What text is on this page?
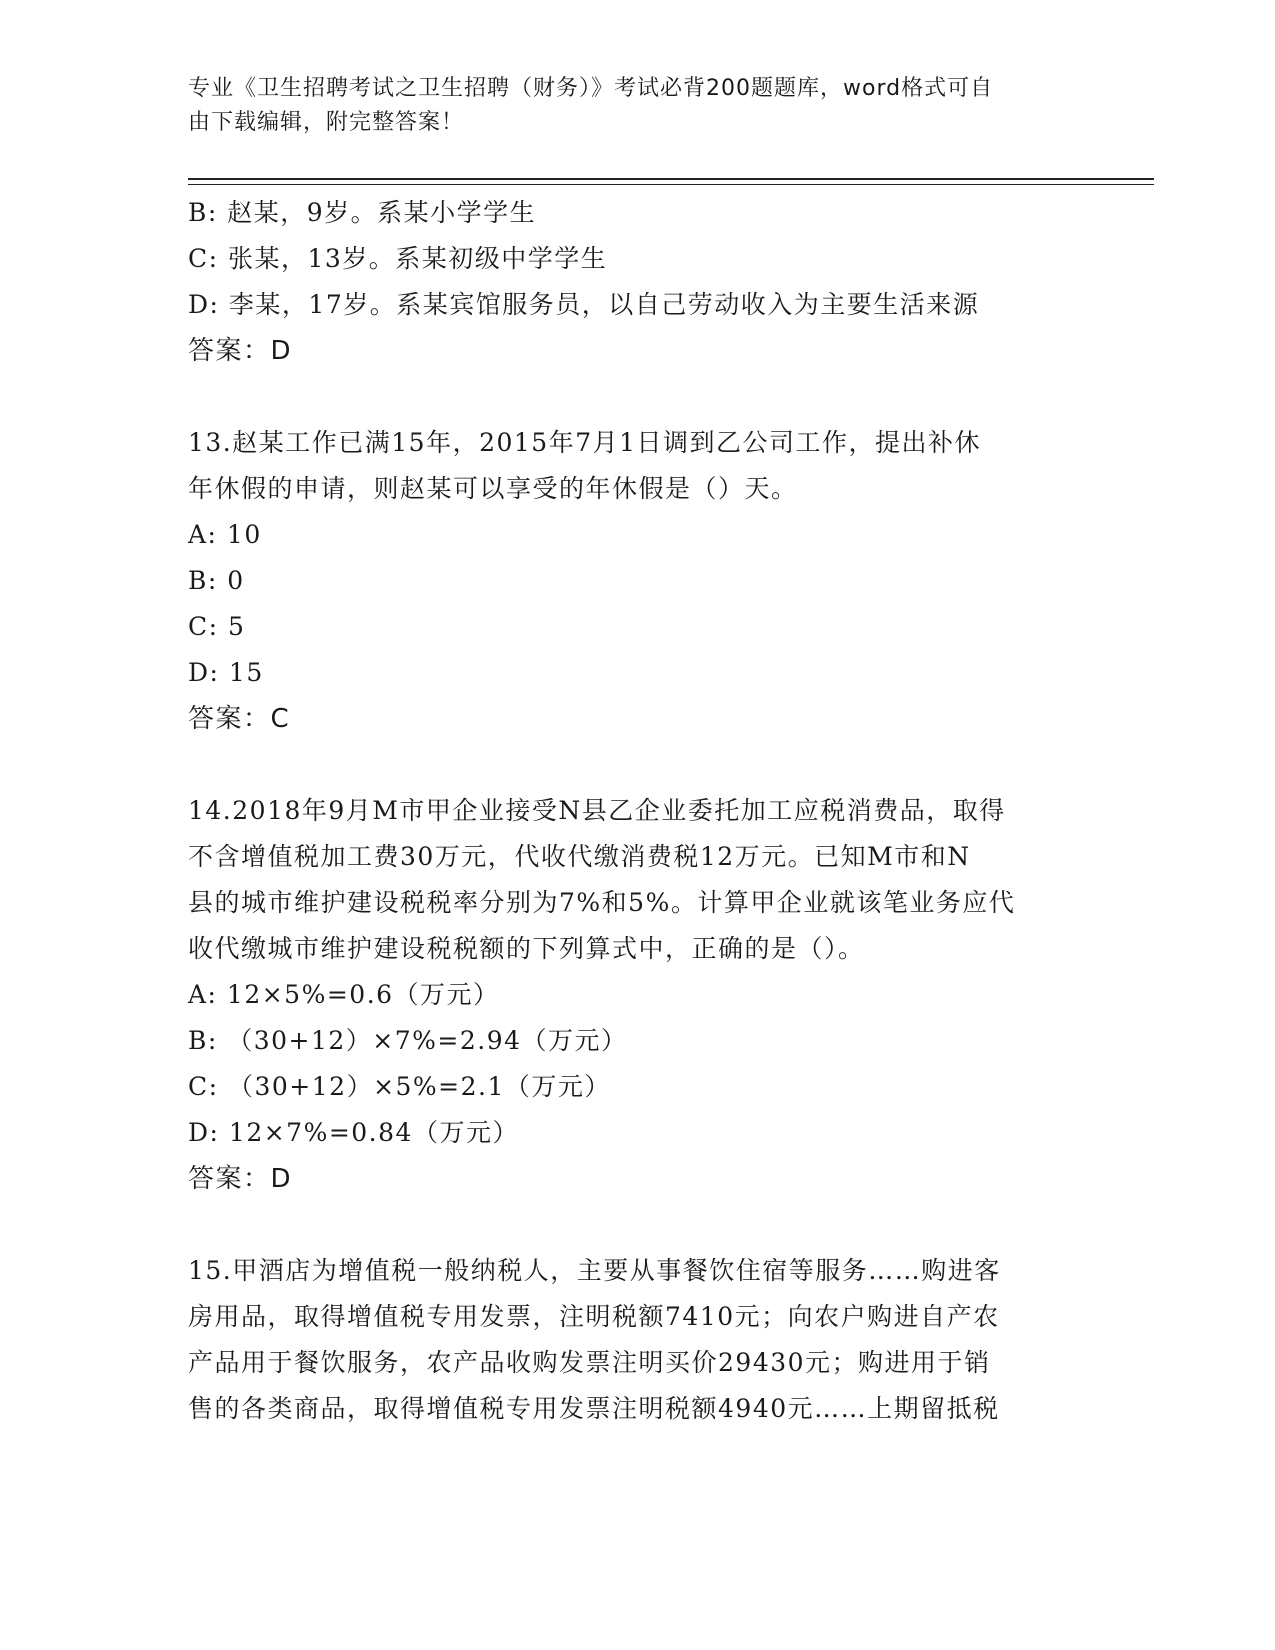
专业《卫生招聘考试之卫生招聘（财务）》考试必背200题题库，word格式可自
由下载编辑，附完整答案！
B: 赵某，9岁。系某小学学生
C: 张某，13岁。系某初级中学学生
D: 李某，17岁。系某宾馆服务员，以自己劳动收入为主要生活来源
答案：D
13.赵某工作已满15年，2015年7月1日调到乙公司工作，提出补休
年休假的申请，则赵某可以享受的年休假是（）天。
A: 10
B: 0
C: 5
D: 15
答案：C
14.2018年9月M市甲企业接受N县乙企业委托加工应税消费品，取得
不含增值税加工费30万元，代收代缴消费税12万元。已知M市和N
县的城市维护建设税税率分别为7%和5%。计算甲企业就该笔业务应代
收代缴城市维护建设税税额的下列算式中，正确的是（）。
A: 12×5%=0.6（万元）
B: （30+12）×7%=2.94（万元）
C: （30+12）×5%=2.1（万元）
D: 12×7%=0.84（万元）
答案：D
15.甲酒店为增值税一般纳税人，主要从事餐饮住宿等服务……购进客
房用品，取得增值税专用发票，注明税额7410元；向农户购进自产农
产品用于餐饮服务，农产品收购发票注明买价29430元；购进用于销
售的各类商品，取得增值税专用发票注明税额4940元……上期留抵税
